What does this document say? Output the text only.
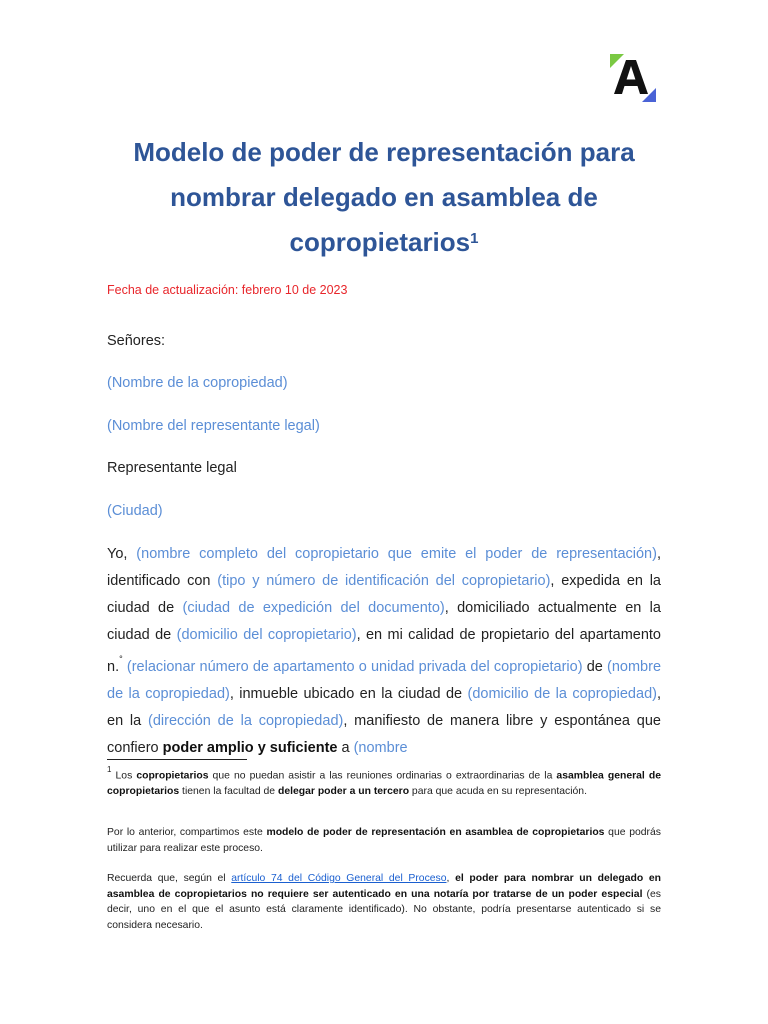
Modelo de poder de representación para
nombrar delegado en asamblea de
copropietarios$^1$
Fecha de actualización: febrero 10 de 2023
Señores:
(Nombre de la copropiedad)
(Nombre del representante legal)
Representante legal
(Ciudad)
Yo, (nombre completo del copropietario que emite el poder de representación), identificado con (tipo y número de identificación del copropietario), expedida en la ciudad de (ciudad de expedición del documento), domiciliado actualmente en la ciudad de (domicilio del copropietario), en mi calidad de propietario del apartamento n.° (relacionar número de apartamento o unidad privada del copropietario) de (nombre de la copropiedad), inmueble ubicado en la ciudad de (domicilio de la copropiedad), en la (dirección de la copropiedad), manifiesto de manera libre y espontánea que confiero poder amplio y suficiente a (nombre
$^1$ Los copropietarios que no puedan asistir a las reuniones ordinarias o extraordinarias de la asamblea general de copropietarios tienen la facultad de delegar poder a un tercero para que acuda en su representación.
Por lo anterior, compartimos este modelo de poder de representación en asamblea de copropietarios que podrás utilizar para realizar este proceso.
Recuerda que, según el artículo 74 del Código General del Proceso, el poder para nombrar un delegado en asamblea de copropietarios no requiere ser autenticado en una notaría por tratarse de un poder especial (es decir, uno en el que el asunto está claramente identificado). No obstante, podría presentarse autenticado si se considera necesario.
